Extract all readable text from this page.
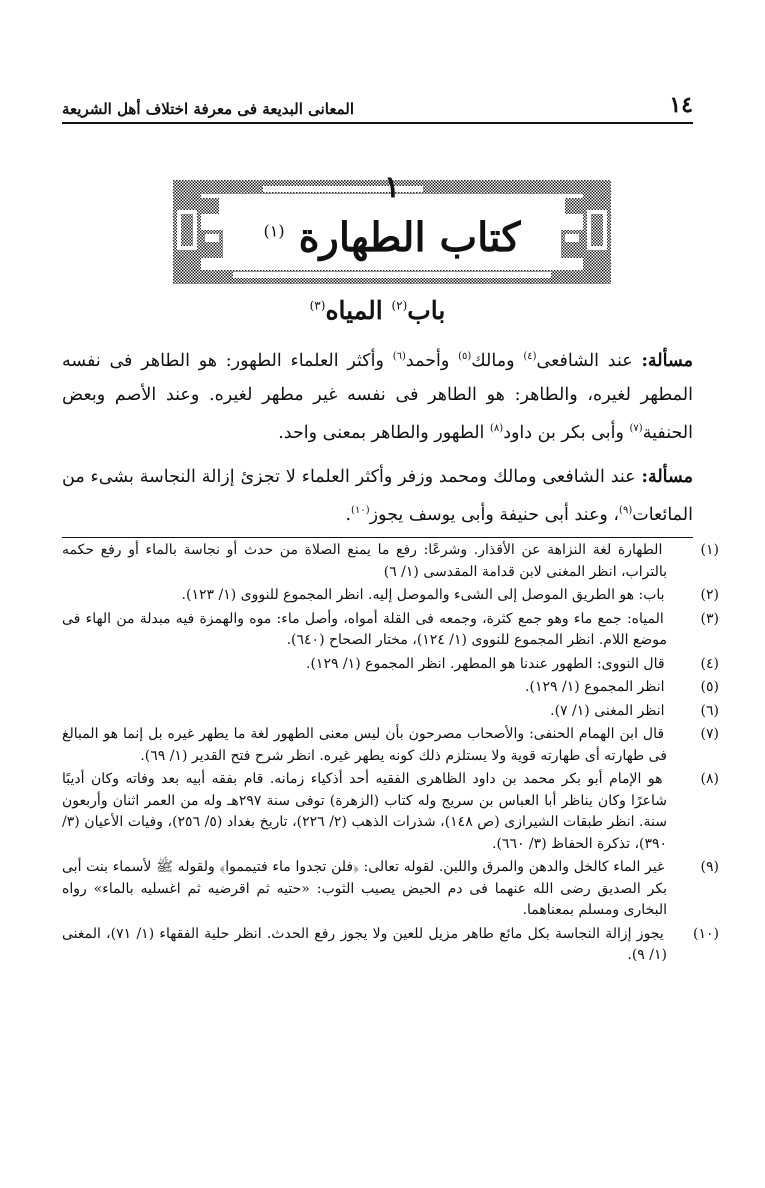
١٤
المعانى البديعة فى معرفة اختلاف أهل الشريعة
١
كتاب الطهارة $^{(١)}$
باب$^{(٢)}$ المياه$^{(٣)}$
مسألة: عند الشافعى$^{(٤)}$ ومالك$^{(٥)}$ وأحمد$^{(٦)}$ وأكثر العلماء الطهور: هو الطاهر فى نفسه المطهر لغيره، والطاهر: هو الطاهر فى نفسه غير مطهر لغيره. وعند الأصم وبعض الحنفية$^{(٧)}$ وأبى بكر بن داود$^{(٨)}$ الطهور والطاهر بمعنى واحد.
مسألة: عند الشافعى ومالك ومحمد وزفر وأكثر العلماء لا تجزئ إزالة النجاسة بشىء من المائعات$^{(٩)}$، وعند أبى حنيفة وأبى يوسف يجوز$^{(١٠)}$.

(١) الطهارة لغة النزاهة عن الأقذار. وشرعًا: رفع ما يمنع الصلاة من حدث أو نجاسة بالماء أو رفع حكمه بالتراب، انظر المغنى لابن قدامة المقدسى (١/ ٦)

(٢) باب: هو الطريق الموصل إلى الشىء والموصل إليه. انظر المجموع للنووى (١/ ١٢٣).

(٣) المياه: جمع ماء وهو جمع كثرة، وجمعه فى القلة أمواه، وأصل ماء: موه والهمزة فيه مبدلة من الهاء فى موضع اللام. انظر المجموع للنووى (١/ ١٢٤)، مختار الصحاح (٦٤٠).

(٤) قال النووى: الطهور عندنا هو المطهر. انظر المجموع (١/ ١٢٩).

(٥) انظر المجموع (١/ ١٢٩).

(٦) انظر المغنى (١/ ٧).

(٧) قال ابن الهمام الحنفى: والأصحاب مصرحون بأن ليس معنى الطهور لغة ما يطهر غيره بل إنما هو المبالغ فى طهارته أى طهارته قوية ولا يستلزم ذلك كونه يطهر غيره. انظر شرح فتح القدير (١/ ٦٩).

(٨) هو الإمام أبو بكر محمد بن داود الظاهرى الفقيه أحد أذكياء زمانه. قام بفقه أبيه بعد وفاته وكان أديبًا شاعرًا وكان يناظر أبا العباس بن سريج وله كتاب (الزهرة) توفى سنة ٢٩٧هـ وله من العمر اثنان وأربعون سنة. انظر طبقات الشيرازى (ص ١٤٨)، شذرات الذهب (٢/ ٢٢٦)، تاريخ بغداد (٥/ ٢٥٦)، وفيات الأعيان (٣/ ٣٩٠)، تذكرة الحفاظ (٣/ ٦٦٠).

(٩) غير الماء كالخل والدهن والمرق واللبن. لقوله تعالى: ﴿فلن تجدوا ماء فتيمموا﴾ ولقوله ﷺ لأسماء بنت أبى بكر الصديق رضى الله عنهما فى دم الحيض يصيب الثوب: «حتيه ثم اقرضيه ثم اغسليه بالماء» رواه البخارى ومسلم بمعناهما.

(١٠) يجوز إزالة النجاسة بكل مائع طاهر مزيل للعين ولا يجوز رفع الحدث. انظر حلية الفقهاء (١/ ٧١)، المغنى (١/ ٩).
